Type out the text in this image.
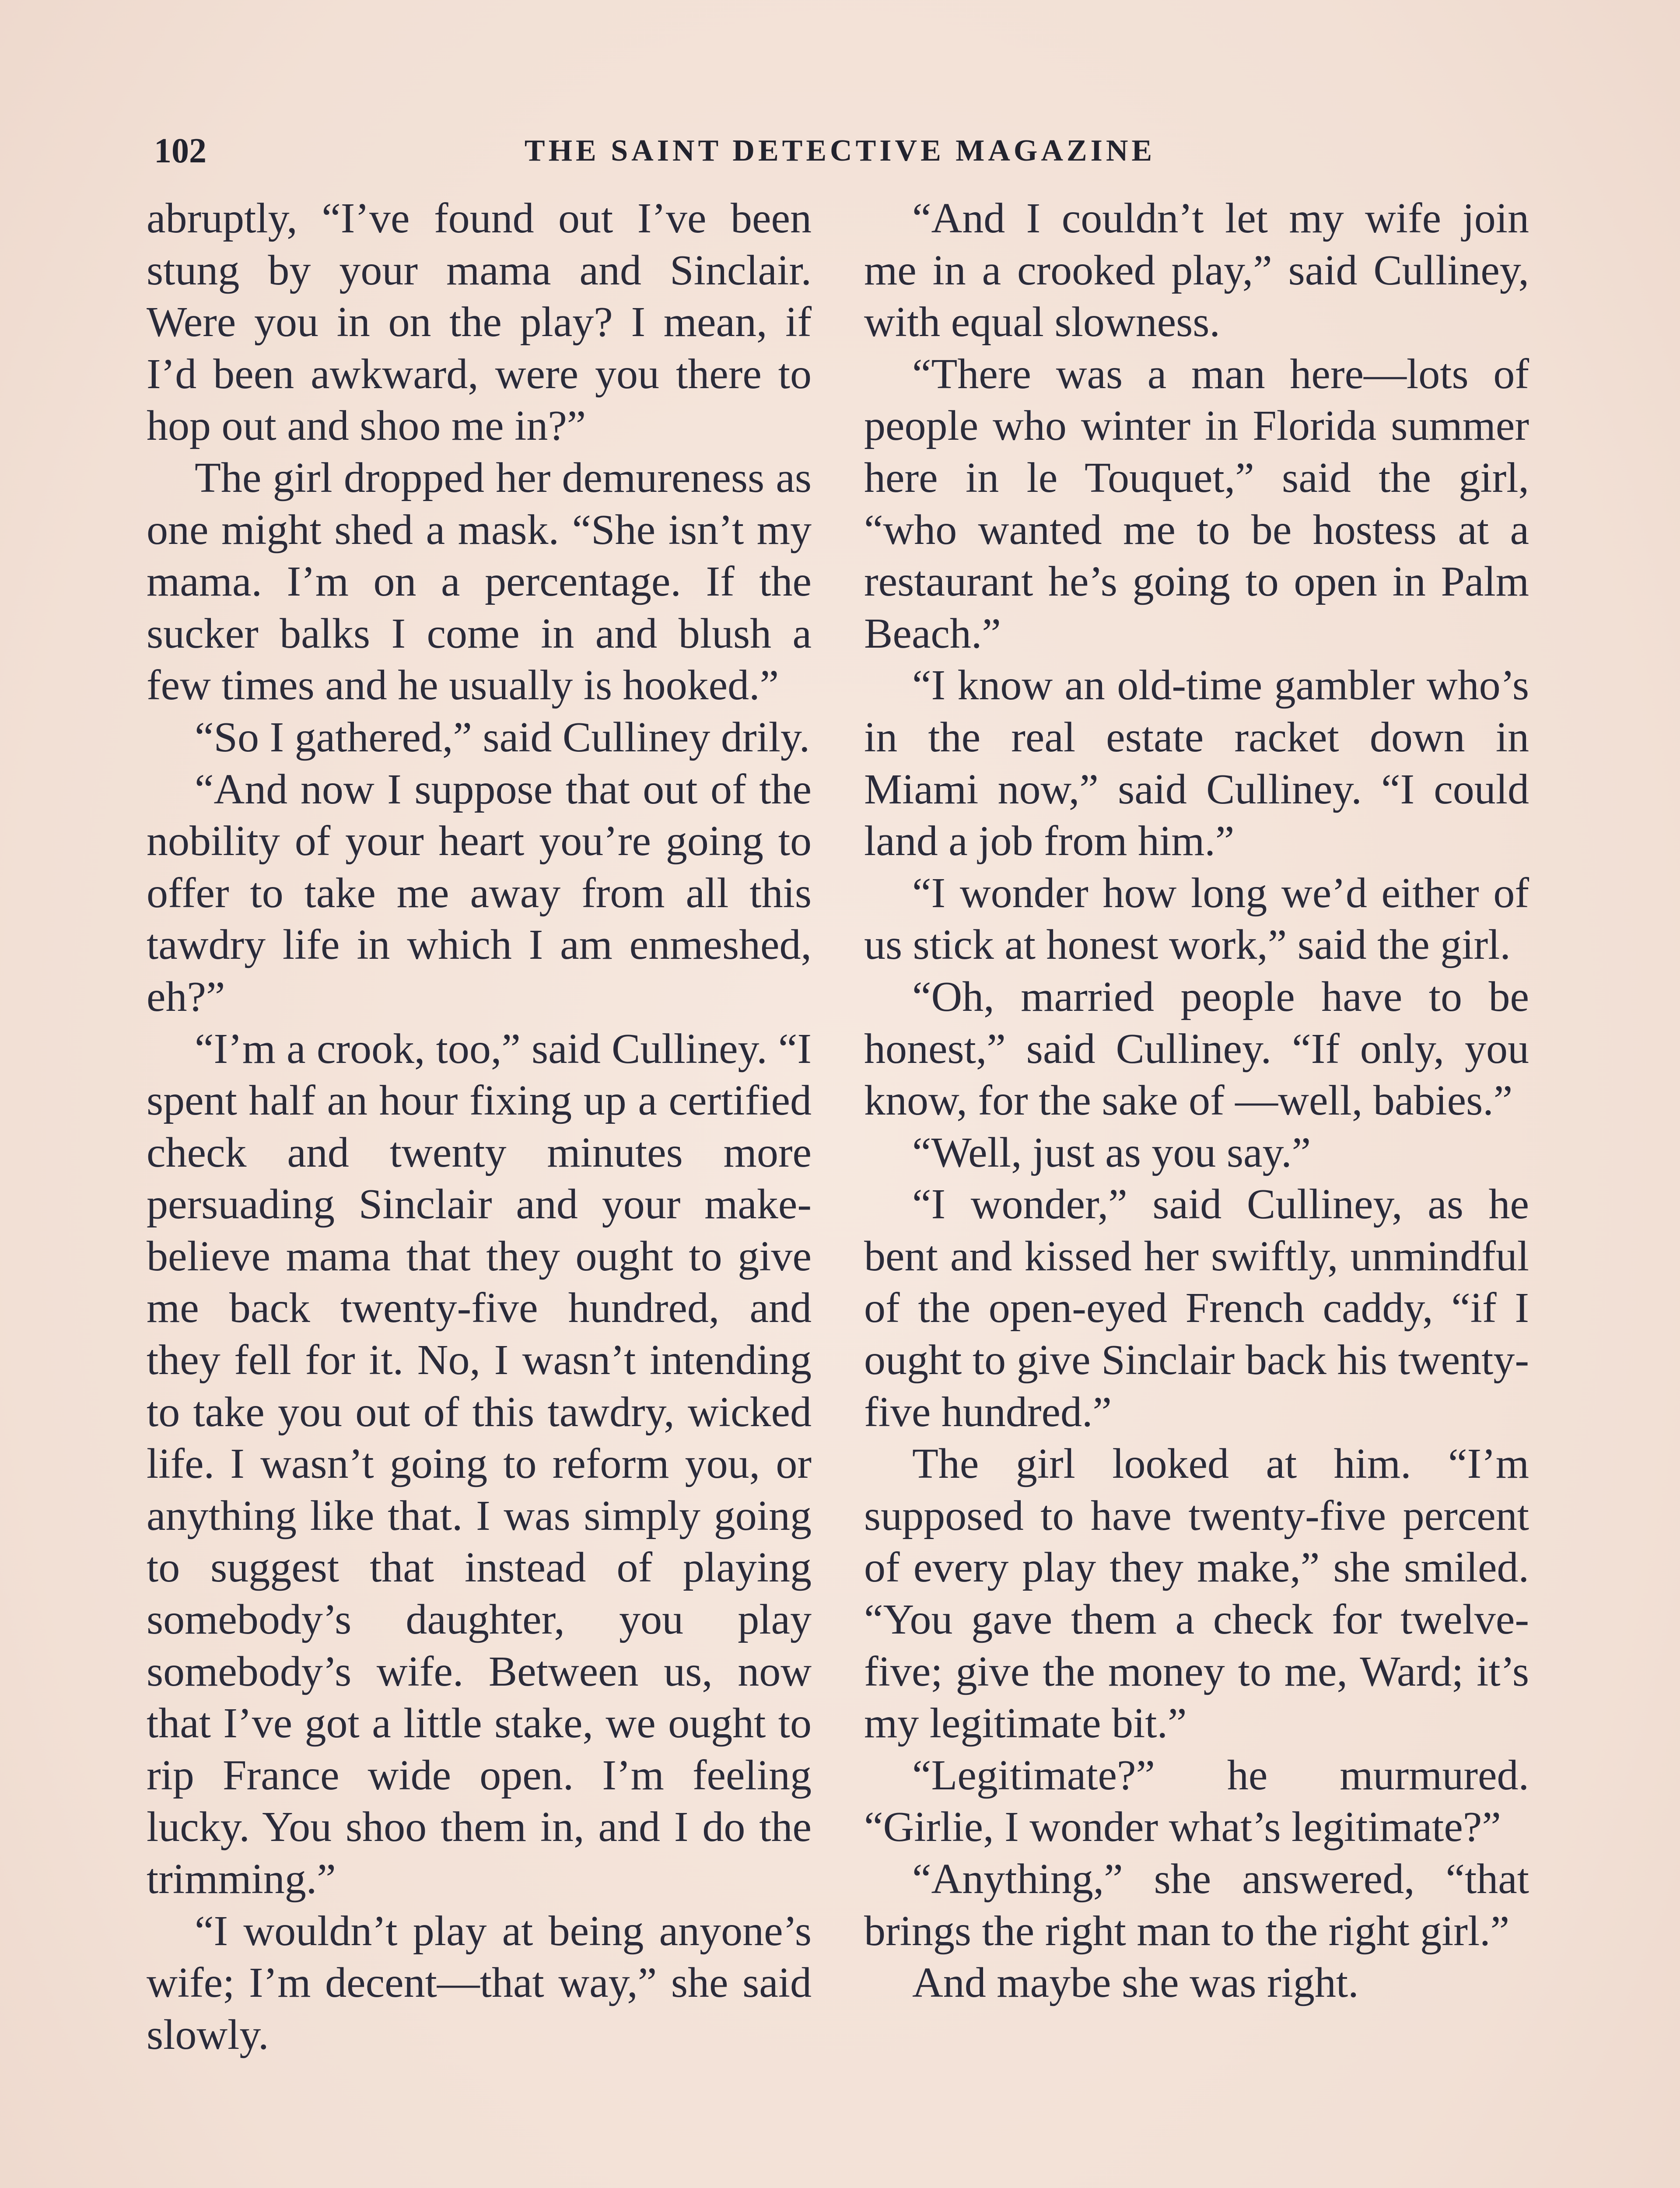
102	THE SAINT DETECTIVE MAGAZINE

abruptly, “I’ve found out I’ve been stung by your mama and Sinclair. Were you in on the play? I mean, if I’d been awkward, were you there to hop out and shoo me in?”

The girl dropped her demureness as one might shed a mask. “She isn’t my mama. I’m on a percentage. If the sucker balks I come in and blush a few times and he usually is hooked.”

“So I gathered,” said Culliney drily.

“And now I suppose that out of the nobility of your heart you’re going to offer to take me away from all this tawdry life in which I am enmeshed, eh?”

“I’m a crook, too,” said Culliney. “I spent half an hour fixing up a certified check and twenty minutes more persuading Sinclair and your make-believe mama that they ought to give me back twenty-five hundred, and they fell for it. No, I wasn’t intending to take you out of this tawdry, wicked life. I wasn’t going to reform you, or anything like that. I was simply going to suggest that instead of playing somebody’s daughter, you play somebody’s wife. Between us, now that I’ve got a little stake, we ought to rip France wide open. I’m feeling lucky. You shoo them in, and I do the trimming.”

“I wouldn’t play at being anyone’s wife; I’m decent—that way,” she said slowly.

“And I couldn’t let my wife join me in a crooked play,” said Culliney, with equal slowness.

“There was a man here—lots of people who winter in Florida summer here in le Touquet,” said the girl, “who wanted me to be hostess at a restaurant he’s going to open in Palm Beach.”

“I know an old-time gambler who’s in the real estate racket down in Miami now,” said Culliney. “I could land a job from him.”

“I wonder how long we’d either of us stick at honest work,” said the girl.

“Oh, married people have to be honest,” said Culliney. “If only, you know, for the sake of —well, babies.”

“Well, just as you say.”

“I wonder,” said Culliney, as he bent and kissed her swiftly, unmindful of the open-eyed French caddy, “if I ought to give Sinclair back his twenty-five hundred.”

The girl looked at him. “I’m supposed to have twenty-five percent of every play they make,” she smiled. “You gave them a check for twelve-five; give the money to me, Ward; it’s my legitimate bit.”

“Legitimate?” he murmured. “Girlie, I wonder what’s legitimate?”

“Anything,” she answered, “that brings the right man to the right girl.”

And maybe she was right.
